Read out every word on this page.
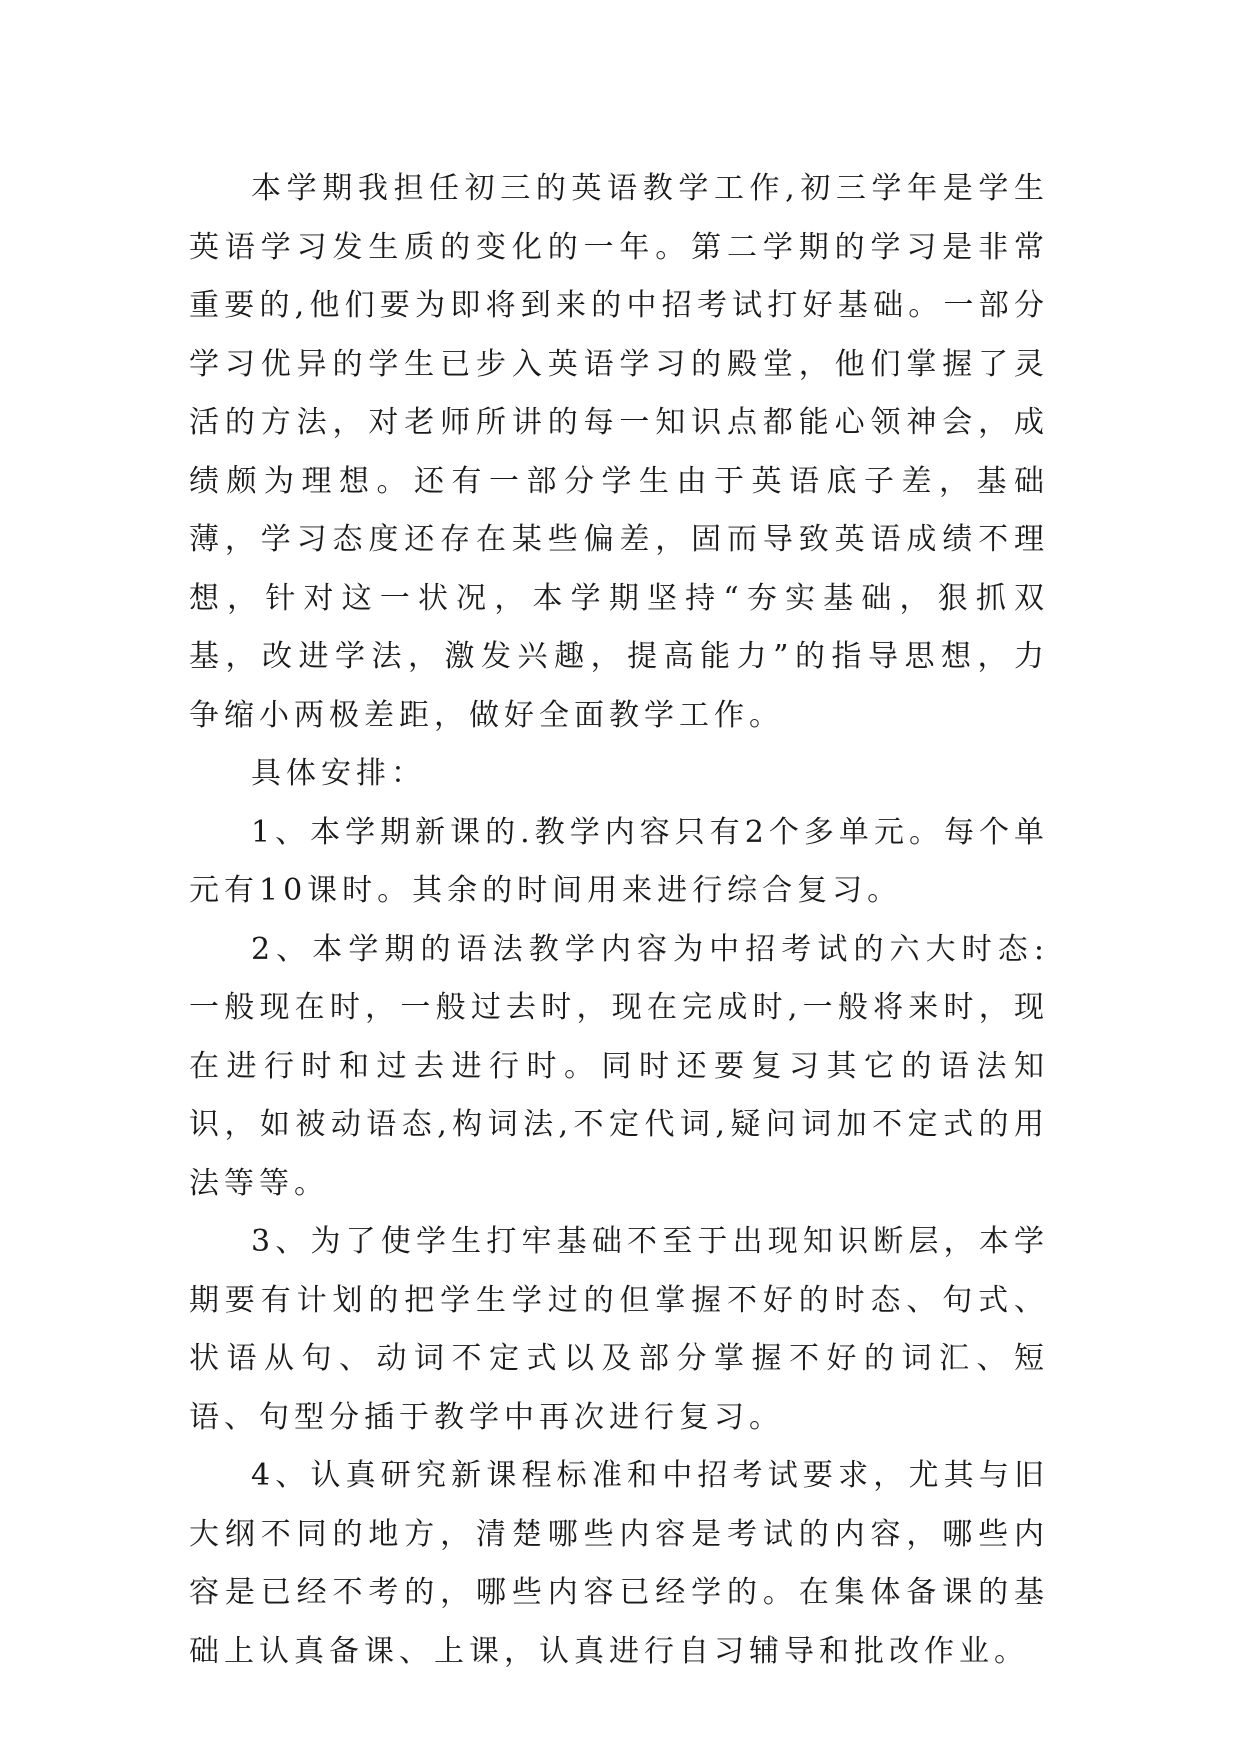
本学期我担任初三的英语教学工作,初三学年是学生英语学习发生质的变化的一年。第二学期的学习是非常重要的,他们要为即将到来的中招考试打好基础。一部分学习优异的学生已步入英语学习的殿堂，他们掌握了灵活的方法，对老师所讲的每一知识点都能心领神会，成绩颇为理想。还有一部分学生由于英语底子差，基础薄，学习态度还存在某些偏差，固而导致英语成绩不理想，针对这一状况，本学期坚持“夯实基础，狠抓双基，改进学法，激发兴趣，提高能力”的指导思想，力争缩小两极差距，做好全面教学工作。

具体安排：

1、本学期新课的.教学内容只有2个多单元。每个单元有10课时。其余的时间用来进行综合复习。

2、本学期的语法教学内容为中招考试的六大时态:一般现在时，一般过去时，现在完成时,一般将来时，现在进行时和过去进行时。同时还要复习其它的语法知识，如被动语态,构词法,不定代词,疑问词加不定式的用法等等。

3、为了使学生打牢基础不至于出现知识断层，本学期要有计划的把学生学过的但掌握不好的时态、句式、状语从句、动词不定式以及部分掌握不好的词汇、短语、句型分插于教学中再次进行复习。

4、认真研究新课程标准和中招考试要求，尤其与旧大纲不同的地方，清楚哪些内容是考试的内容，哪些内容是已经不考的，哪些内容已经学的。在集体备课的基础上认真备课、上课，认真进行自习辅导和批改作业。
